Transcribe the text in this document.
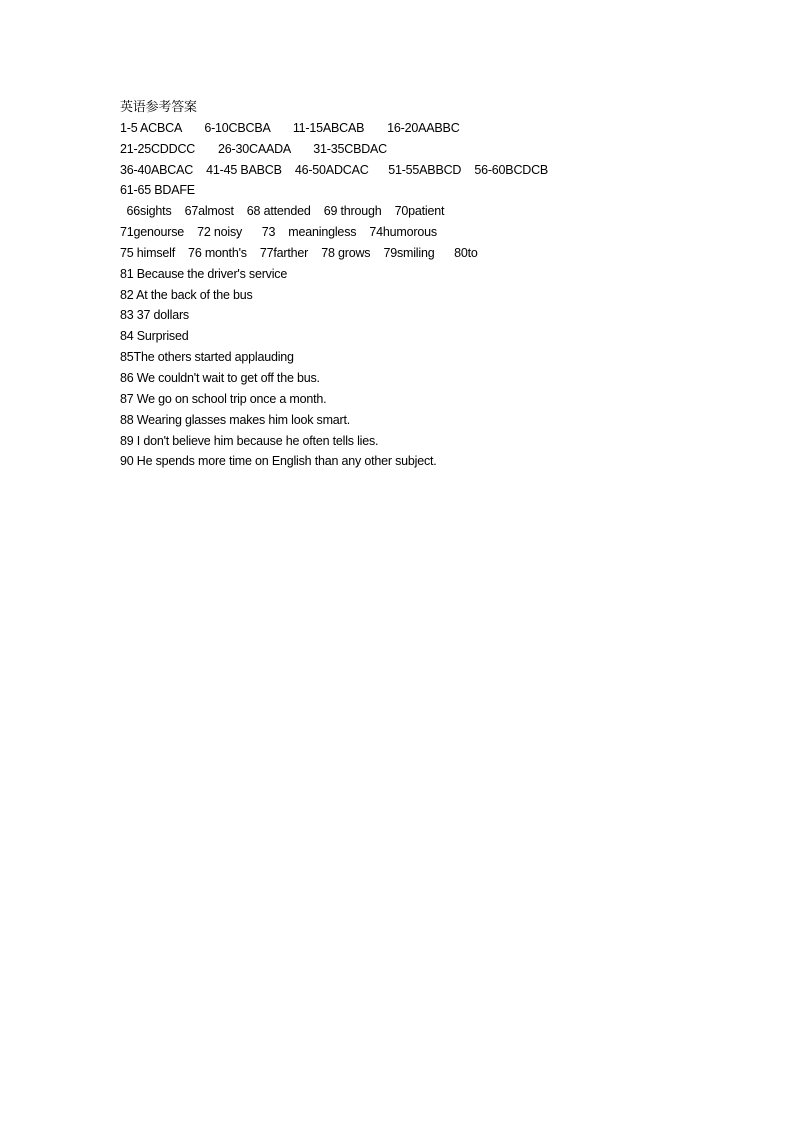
英语参考答案
1-5 ACBCA       6-10CBCBA       11-15ABCAB       16-20AABBC
21-25CDDCC       26-30CAADA       31-35CBDAC
36-40ABCAC    41-45 BABCB    46-50ADCAC      51-55ABBCD    56-60BCDCB
61-65 BDAFE
66sights    67almost    68 attended    69 through    70patient
71genourse    72 noisy      73    meaningless    74humorous
75 himself    76 month's    77farther    78 grows    79smiling      80to
81 Because the driver's service
82 At the back of the bus
83 37 dollars
84 Surprised
85The others started applauding
86 We couldn't wait to get off the bus.
87 We go on school trip once a month.
88 Wearing glasses makes him look smart.
89 I don't believe him because he often tells lies.
90 He spends more time on English than any other subject.
